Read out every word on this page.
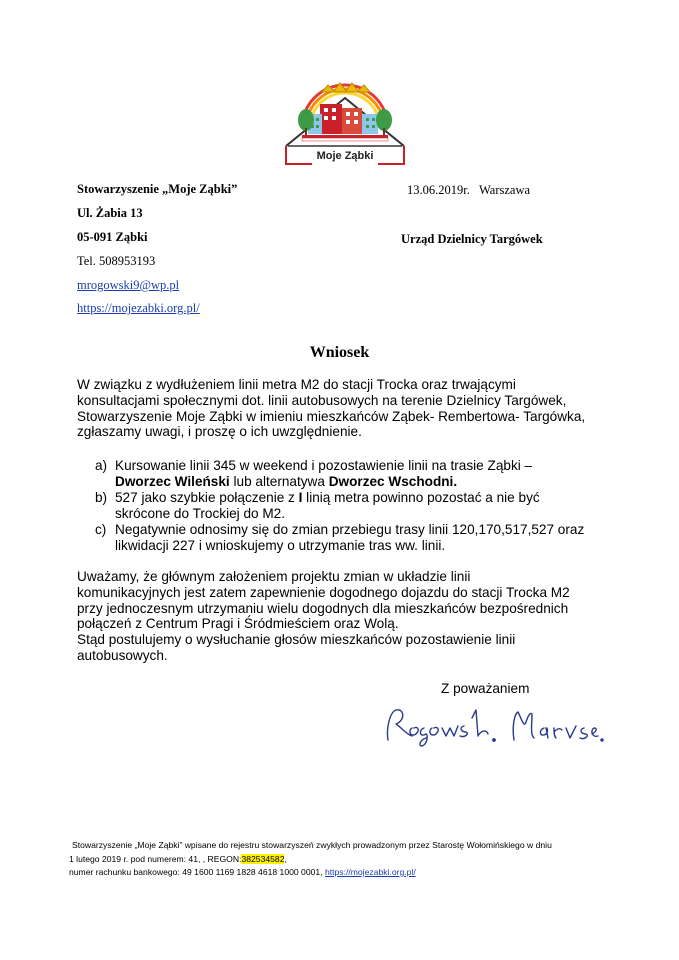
Moje Ząbki
Stowarzyszenie „Moje Ząbki”
Ul. Żabia 13
05-091 Ząbki
Tel. 508953193
mrogowski9@wp.pl
https://mojezabki.org.pl/
13.06.2019r.   Warszawa
Urząd Dzielnicy Targówek
Wniosek
W związku z wydłużeniem linii metra M2 do stacji Trocka oraz trwającymi
konsultacjami społecznymi dot. linii autobusowych na terenie Dzielnicy Targówek,
Stowarzyszenie Moje Ząbki w imieniu mieszkańców Ząbek- Rembertowa- Targówka,
zgłaszamy uwagi, i proszę o ich uwzględnienie.
a) Kursowanie linii 345 w weekend i pozostawienie linii na trasie Ząbki –
Dworzec Wileński lub alternatywa Dworzec Wschodni.
b) 527 jako szybkie połączenie z I linią metra powinno pozostać a nie być
skrócone do Trockiej do M2.
c) Negatywnie odnosimy się do zmian przebiegu trasy linii 120,170,517,527 oraz
likwidacji 227 i wnioskujemy o utrzymanie tras ww. linii.
Uważamy, że głównym założeniem projektu zmian w układzie linii
komunikacyjnych jest zatem zapewnienie dogodnego dojazdu do stacji Trocka M2
przy jednoczesnym utrzymaniu wielu dogodnych dla mieszkańców bezpośrednich
połączeń z Centrum Pragi i Śródmieściem oraz Wolą.
Stąd postulujemy o wysłuchanie głosów mieszkańców pozostawienie linii
autobusowych.
Z poważaniem
Stowarzyszenie „Moje Ząbki” wpisane do rejestru stowarzyszeń zwykłych prowadzonym przez Starostę Wołomińskiego w dniu
1 lutego 2019 r. pod numerem: 41, , REGON:382534582,
numer rachunku bankowego: 49 1600 1169 1828 4618 1000 0001, https://mojezabki.org.pl/
